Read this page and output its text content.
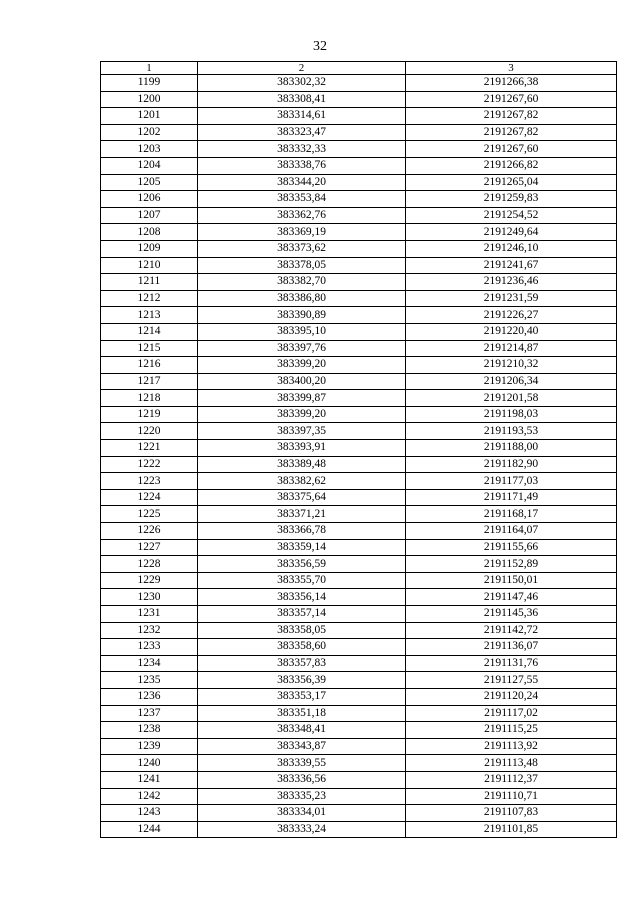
32
1	2	3
1199	383302,32	2191266,38
1200	383308,41	2191267,60
1201	383314,61	2191267,82
1202	383323,47	2191267,82
1203	383332,33	2191267,60
1204	383338,76	2191266,82
1205	383344,20	2191265,04
1206	383353,84	2191259,83
1207	383362,76	2191254,52
1208	383369,19	2191249,64
1209	383373,62	2191246,10
1210	383378,05	2191241,67
1211	383382,70	2191236,46
1212	383386,80	2191231,59
1213	383390,89	2191226,27
1214	383395,10	2191220,40
1215	383397,76	2191214,87
1216	383399,20	2191210,32
1217	383400,20	2191206,34
1218	383399,87	2191201,58
1219	383399,20	2191198,03
1220	383397,35	2191193,53
1221	383393,91	2191188,00
1222	383389,48	2191182,90
1223	383382,62	2191177,03
1224	383375,64	2191171,49
1225	383371,21	2191168,17
1226	383366,78	2191164,07
1227	383359,14	2191155,66
1228	383356,59	2191152,89
1229	383355,70	2191150,01
1230	383356,14	2191147,46
1231	383357,14	2191145,36
1232	383358,05	2191142,72
1233	383358,60	2191136,07
1234	383357,83	2191131,76
1235	383356,39	2191127,55
1236	383353,17	2191120,24
1237	383351,18	2191117,02
1238	383348,41	2191115,25
1239	383343,87	2191113,92
1240	383339,55	2191113,48
1241	383336,56	2191112,37
1242	383335,23	2191110,71
1243	383334,01	2191107,83
1244	383333,24	2191101,85
